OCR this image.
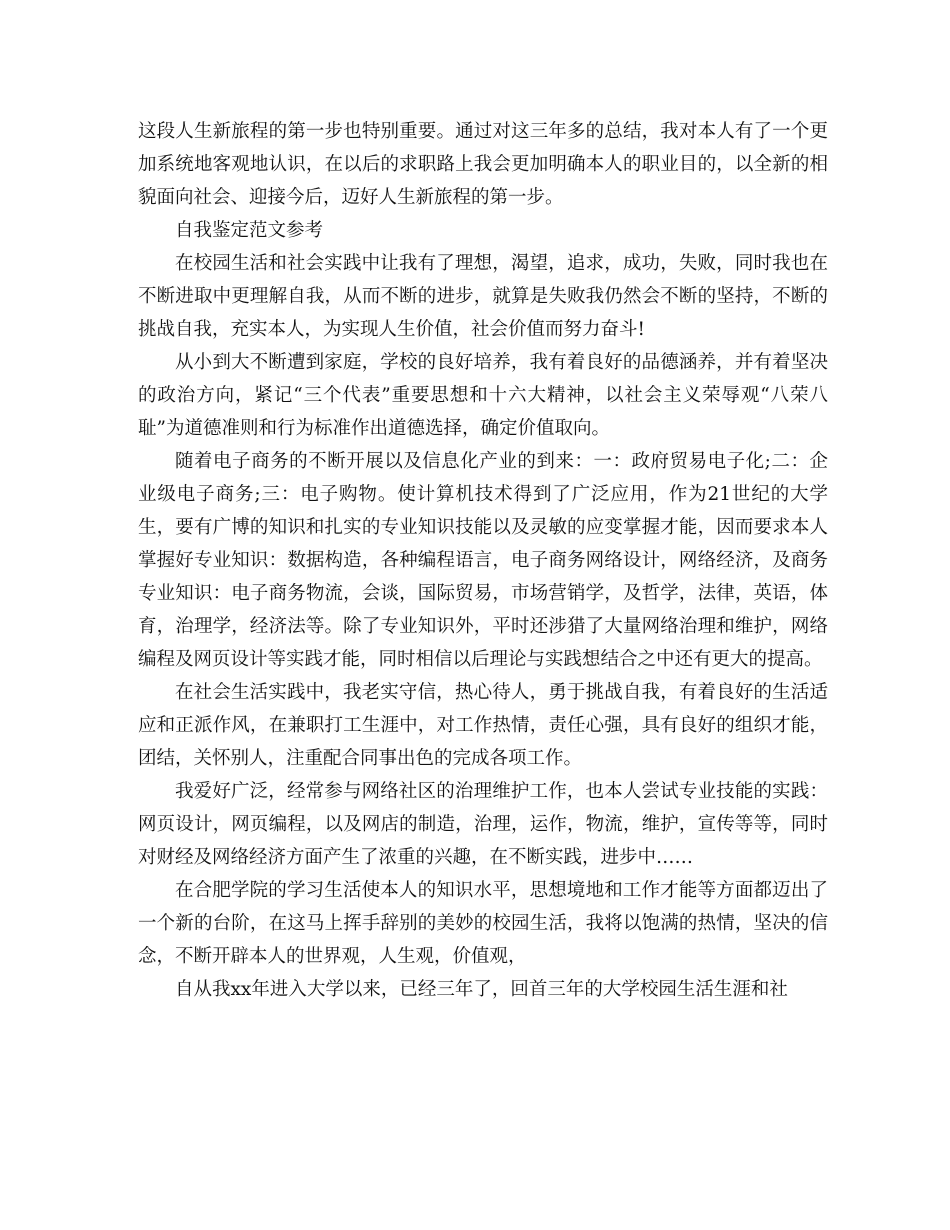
这段人生新旅程的第一步也特别重要。通过对这三年多的总结，我对本人有了一个更加系统地客观地认识，在以后的求职路上我会更加明确本人的职业目的，以全新的相貌面向社会、迎接今后，迈好人生新旅程的第一步。

自我鉴定范文参考

在校园生活和社会实践中让我有了理想，渴望，追求，成功，失败，同时我也在不断进取中更理解自我，从而不断的进步，就算是失败我仍然会不断的坚持，不断的挑战自我，充实本人，为实现人生价值，社会价值而努力奋斗!

从小到大不断遭到家庭，学校的良好培养，我有着良好的品德涵养，并有着坚决的政治方向，紧记“三个代表”重要思想和十六大精神，以社会主义荣辱观“八荣八耻”为道德准则和行为标准作出道德选择，确定价值取向。

随着电子商务的不断开展以及信息化产业的到来：一：政府贸易电子化;二：企业级电子商务;三：电子购物。使计算机技术得到了广泛应用，作为21世纪的大学生，要有广博的知识和扎实的专业知识技能以及灵敏的应变掌握才能，因而要求本人掌握好专业知识：数据构造，各种编程语言，电子商务网络设计，网络经济，及商务专业知识：电子商务物流，会谈，国际贸易，市场营销学，及哲学，法律，英语，体育，治理学，经济法等。除了专业知识外，平时还涉猎了大量网络治理和维护，网络编程及网页设计等实践才能，同时相信以后理论与实践想结合之中还有更大的提高。

在社会生活实践中，我老实守信，热心待人，勇于挑战自我，有着良好的生活适应和正派作风，在兼职打工生涯中，对工作热情，责任心强，具有良好的组织才能，团结，关怀别人，注重配合同事出色的完成各项工作。

我爱好广泛，经常参与网络社区的治理维护工作，也本人尝试专业技能的实践：网页设计，网页编程，以及网店的制造，治理，运作，物流，维护，宣传等等，同时对财经及网络经济方面产生了浓重的兴趣，在不断实践，进步中……

在合肥学院的学习生活使本人的知识水平，思想境地和工作才能等方面都迈出了一个新的台阶，在这马上挥手辞别的美妙的校园生活，我将以饱满的热情，坚决的信念，不断开辟本人的世界观，人生观，价值观，

自从我xx年进入大学以来，已经三年了，回首三年的大学校园生活生涯和社
